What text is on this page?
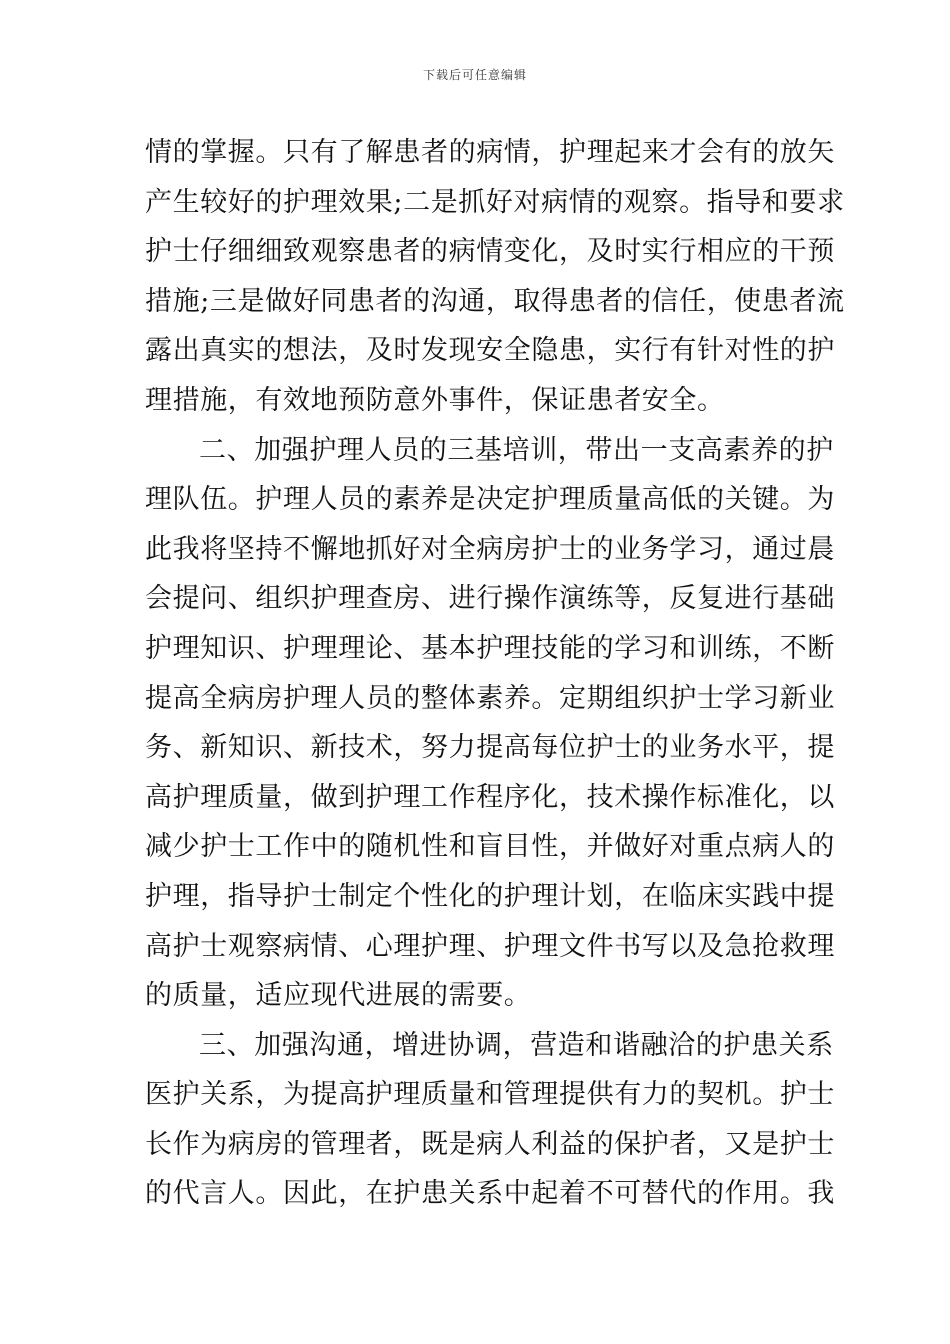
下载后可任意编辑
情的掌握。只有了解患者的病情，护理起来才会有的放矢
产生较好的护理效果;二是抓好对病情的观察。指导和要求
护士仔细细致观察患者的病情变化，及时实行相应的干预
措施;三是做好同患者的沟通，取得患者的信任，使患者流
露出真实的想法，及时发现安全隐患，实行有针对性的护
理措施，有效地预防意外事件，保证患者安全。
二、加强护理人员的三基培训，带出一支高素养的护
理队伍。护理人员的素养是决定护理质量高低的关键。为
此我将坚持不懈地抓好对全病房护士的业务学习，通过晨
会提问、组织护理查房、进行操作演练等，反复进行基础
护理知识、护理理论、基本护理技能的学习和训练，不断
提高全病房护理人员的整体素养。定期组织护士学习新业
务、新知识、新技术，努力提高每位护士的业务水平，提
高护理质量，做到护理工作程序化，技术操作标准化，以
减少护士工作中的随机性和盲目性，并做好对重点病人的
护理，指导护士制定个性化的护理计划，在临床实践中提
高护士观察病情、心理护理、护理文件书写以及急抢救理
的质量，适应现代进展的需要。
三、加强沟通，增进协调，营造和谐融洽的护患关系
医护关系，为提高护理质量和管理提供有力的契机。护士
长作为病房的管理者，既是病人利益的保护者，又是护士
的代言人。因此，在护患关系中起着不可替代的作用。我
